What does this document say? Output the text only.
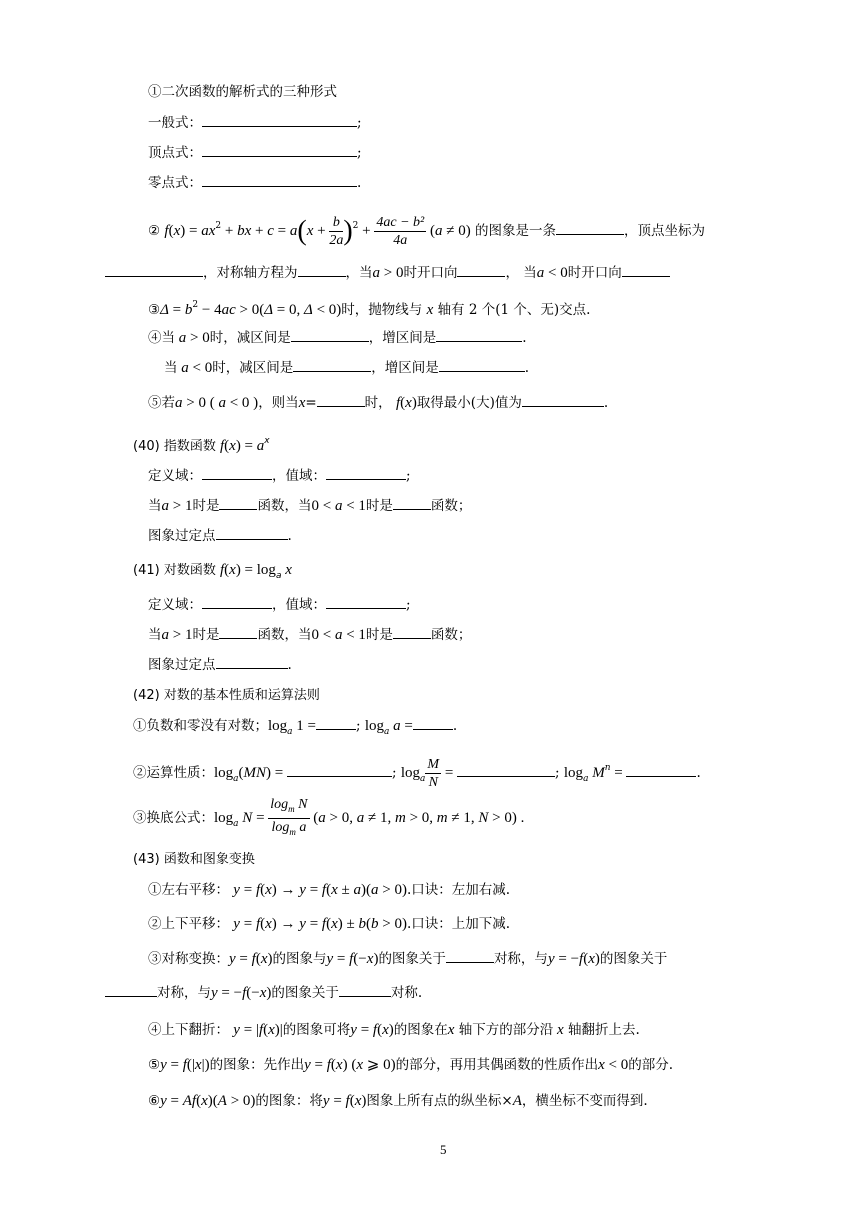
①二次函数的解析式的三种形式
一般式：	;
顶点式：	;
零点式：	.
② $f(x) = ax^2$ + bx + $c = a(x + \frac{b}{2a} )^2 + \frac{\text{4ac − b²}}{4a} (a \ne 0)$ 的图象是一条	，顶点坐标为
，对称轴方程为	，当a > 0时开口向	， 当a < 0时开口向
③Δ = $b^2 - 4ac > 0(\Delta = 0$, Δ < 0)时，抛物线与 x 轴有 2 个(1 个、无)交点.
④当 a > 0时，减区间是	，增区间是	.
当 a < 0时，减区间是	，增区间是	.
⑤若a > 0 ( a < 0 )，则当x=	时， f(x)取得最小(大)值为	.
(40) 指数函数 $f(x) = a^x$
定义域：	，值域：	;
当a > 1时是	函数，当0 < a < 1时是	函数；
图象过定点	.
(41) 对数函数 $f(x) = \log_a x$
定义域：	，值域：	;
当a > 1时是	函数，当0 < a < 1时是	函数；
图象过定点	.
(42) 对数的基本性质和运算法则
①负数和零没有对数；$\log_a 1$ =	; $\log_a a$ =	.
②运算性质：$\log_a(MN)$ =	; $\log_a \frac{M}{N}$ =	; $\log_a M^n$ =	.
③换底公式：$\log_a N = \frac{\log_m N}{\log_m a} (a > 0$, a ≠ 1, m > 0, m ≠ 1, N > 0) .
(43) 函数和图象变换
①左右平移： y = f(x) → y = f(x ± a)(a > 0).口诀：左加右减.
②上下平移： y = f(x) → y = f(x) ± b(b > 0).口诀：上加下减.
③对称变换：y = f(x)的图象与y = f(−x)的图象关于	对称，与y = −f(x)的图象关于
对称，与y = −f(−x)的图象关于	对称.
④上下翻折： y = |f(x)|的图象可将y = f(x)的图象在x 轴下方的部分沿 x 轴翻折上去.
⑤y = f(|x|)的图象：先作出y = f(x) (x ⩾ 0)的部分，再用其偶函数的性质作出x < 0的部分.
⑥y = Af(x)(A > 0)的图象：将y = f(x)图象上所有点的纵坐标×A，横坐标不变而得到.
5
